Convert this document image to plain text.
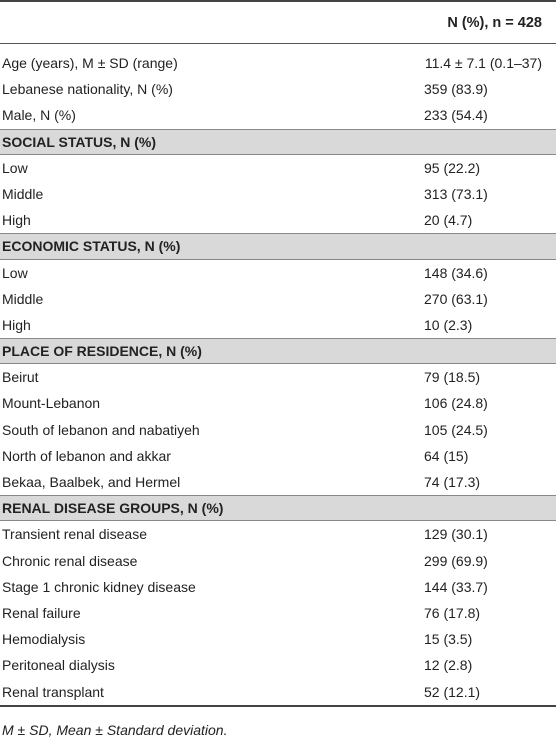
N (%), n = 428
Age (years), M ± SD (range)	11.4 ± 7.1 (0.1–37)
Lebanese nationality, N (%)	359 (83.9)
Male, N (%)	233 (54.4)
SOCIAL STATUS, N (%)
Low	95 (22.2)
Middle	313 (73.1)
High	20 (4.7)
ECONOMIC STATUS, N (%)
Low	148 (34.6)
Middle	270 (63.1)
High	10 (2.3)
PLACE OF RESIDENCE, N (%)
Beirut	79 (18.5)
Mount-Lebanon	106 (24.8)
South of lebanon and nabatiyeh	105 (24.5)
North of lebanon and akkar	64 (15)
Bekaa, Baalbek, and Hermel	74 (17.3)
RENAL DISEASE GROUPS, N (%)
Transient renal disease	129 (30.1)
Chronic renal disease	299 (69.9)
Stage 1 chronic kidney disease	144 (33.7)
Renal failure	76 (17.8)
Hemodialysis	15 (3.5)
Peritoneal dialysis	12 (2.8)
Renal transplant	52 (12.1)
M ± SD, Mean ± Standard deviation.
